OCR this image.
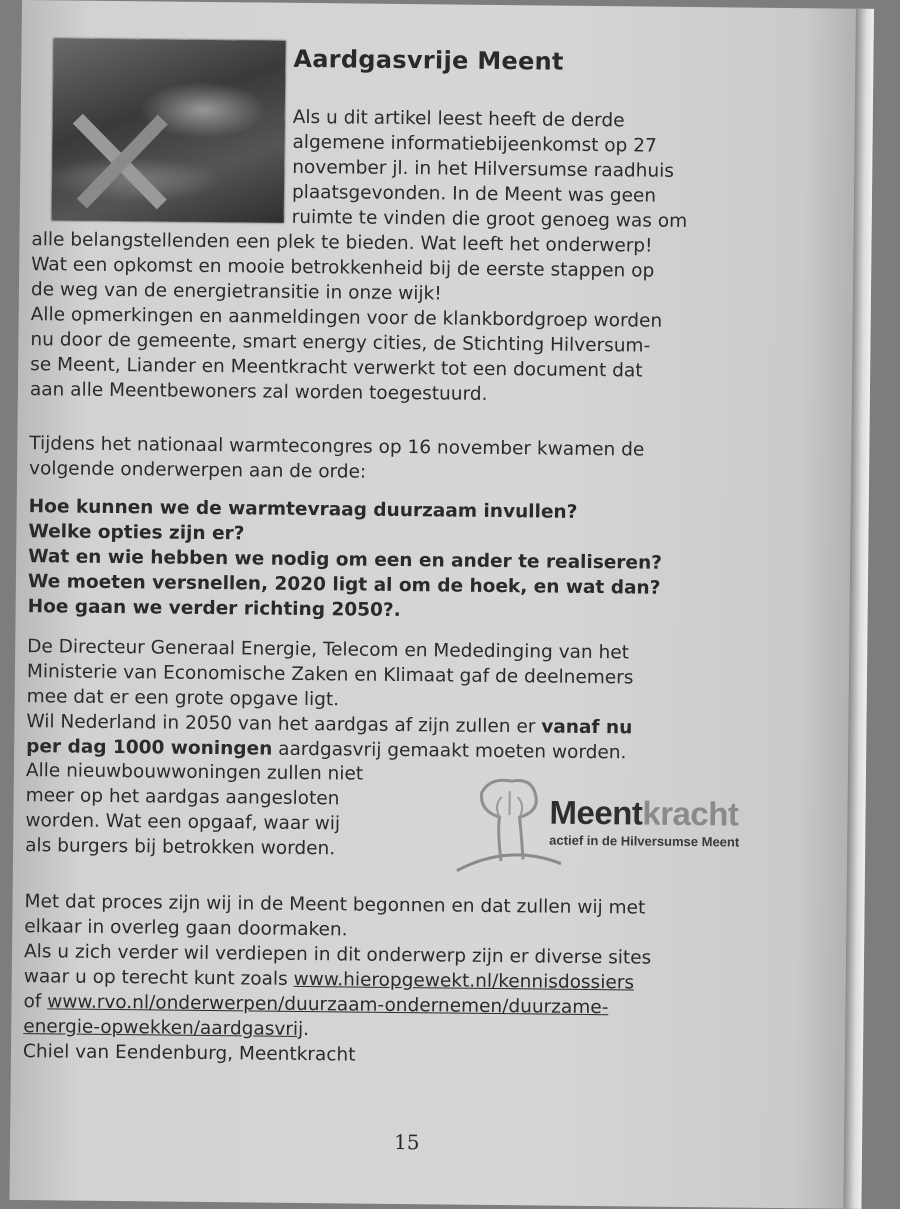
Aardgasvrije Meent
Als u dit artikel leest heeft de derde
algemene informatiebijeenkomst op 27
november jl. in het Hilversumse raadhuis
plaatsgevonden. In de Meent was geen
ruimte te vinden die groot genoeg was om
alle belangstellenden een plek te bieden. Wat leeft het onderwerp!
Wat een opkomst en mooie betrokkenheid bij de eerste stappen op
de weg van de energietransitie in onze wijk!
Alle opmerkingen en aanmeldingen voor de klankbordgroep worden
nu door de gemeente, smart energy cities, de Stichting Hilversum-
se Meent, Liander en Meentkracht verwerkt tot een document dat
aan alle Meentbewoners zal worden toegestuurd.
Tijdens het nationaal warmtecongres op 16 november kwamen de
volgende onderwerpen aan de orde:
Hoe kunnen we de warmtevraag duurzaam invullen?
Welke opties zijn er?
Wat en wie hebben we nodig om een en ander te realiseren?
We moeten versnellen, 2020 ligt al om de hoek, en wat dan?
Hoe gaan we verder richting 2050?.
De Directeur Generaal Energie, Telecom en Mededinging van het
Ministerie van Economische Zaken en Klimaat gaf de deelnemers
mee dat er een grote opgave ligt.
Wil Nederland in 2050 van het aardgas af zijn zullen er vanaf nu
per dag 1000 woningen aardgasvrij gemaakt moeten worden.
Alle nieuwbouwwoningen zullen niet
meer op het aardgas aangesloten
worden. Wat een opgaaf, waar wij
als burgers bij betrokken worden.
Meentkracht
actief in de Hilversumse Meent
Met dat proces zijn wij in de Meent begonnen en dat zullen wij met
elkaar in overleg gaan doormaken.
Als u zich verder wil verdiepen in dit onderwerp zijn er diverse sites
waar u op terecht kunt zoals www.hieropgewekt.nl/kennisdossiers
of www.rvo.nl/onderwerpen/duurzaam-ondernemen/duurzame-
energie-opwekken/aardgasvrij.
Chiel van Eendenburg, Meentkracht
15
